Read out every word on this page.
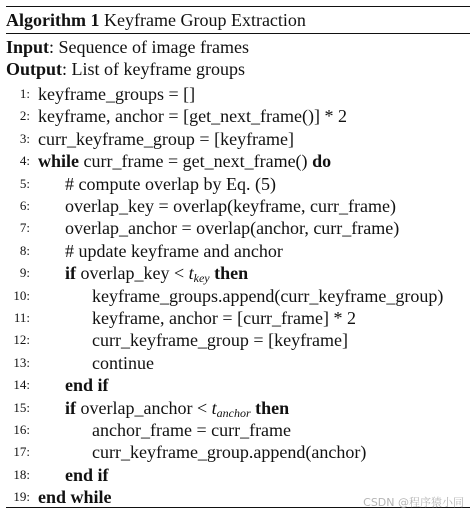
Algorithm 1 Keyframe Group Extraction
Input: Sequence of image frames
Output: List of keyframe groups
1: keyframe_groups = []
2: keyframe, anchor = [get_next_frame()] * 2
3: curr_keyframe_group = [keyframe]
4: while curr_frame = get_next_frame() do
5: # compute overlap by Eq. (5)
6: overlap_key = overlap(keyframe, curr_frame)
7: overlap_anchor = overlap(anchor, curr_frame)
8: # update keyframe and anchor
9: if overlap_key < $t_{key}$ then
10:	keyframe_groups.append(curr_keyframe_group)
11:	keyframe, anchor = [curr_frame] * 2
12:	curr_keyframe_group = [keyframe]
13:	continue
14: end if
15: if overlap_anchor < $t_{anchor}$ then
16:	anchor_frame = curr_frame
17:	curr_keyframe_group.append(anchor)
18: end if
19: end while	CSDN @程序猿小同
